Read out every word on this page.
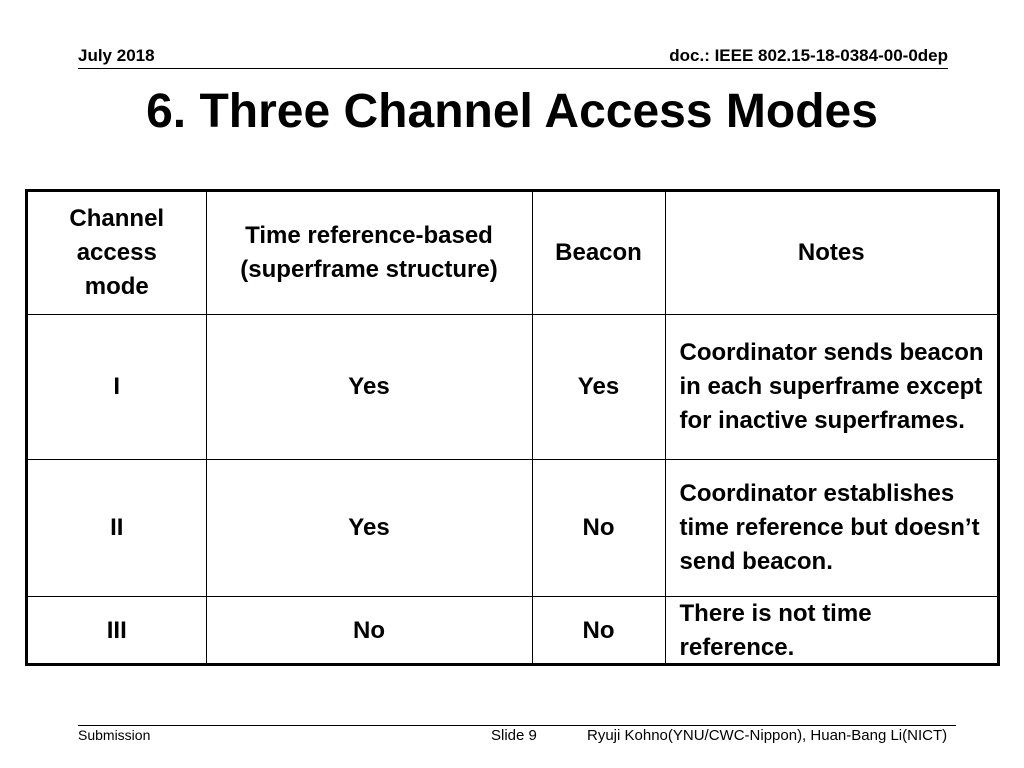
July 2018	doc.: IEEE 802.15-18-0384-00-0dep
6. Three Channel Access Modes
Channel access mode	Time reference-based (superframe structure)	Beacon	Notes
I	Yes	Yes	Coordinator sends beacon in each superframe except for inactive superframes.
II	Yes	No	Coordinator establishes time reference but doesn’t send beacon.
III	No	No	There is not time reference.
Submission	Slide 9	Ryuji Kohno(YNU/CWC-Nippon), Huan-Bang Li(NICT)
